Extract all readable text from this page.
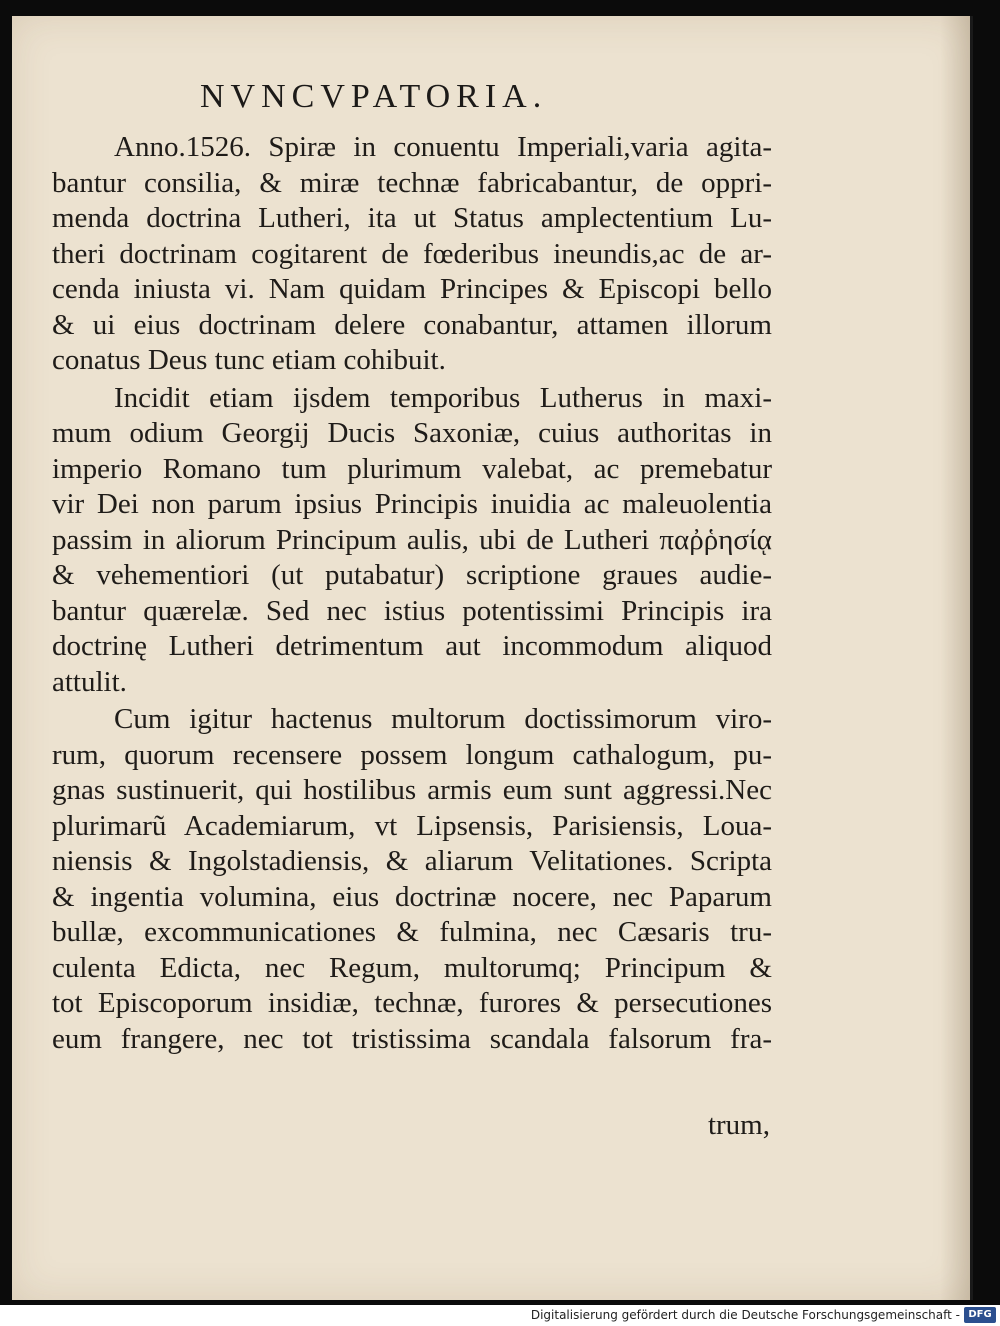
NVNCVPATORIA.
Anno.1526. Spiræ in conuentu Imperiali,varia agita-
bantur consilia, & miræ technæ fabricabantur, de oppri-
menda doctrina Lutheri, ita ut Status amplectentium Lu-
theri doctrinam cogitarent de fœderibus ineundis,ac de ar-
cenda iniusta vi. Nam quidam Principes & Episcopi bello
& ui eius doctrinam delere conabantur, attamen illorum
conatus Deus tunc etiam cohibuit.
Incidit etiam ijsdem temporibus Lutherus in maxi-
mum odium Georgij Ducis Saxoniæ, cuius authoritas in
imperio Romano tum plurimum valebat, ac premebatur
vir Dei non parum ipsius Principis inuidia ac maleuolentia
passim in aliorum Principum aulis, ubi de Lutheri παῤῥησίᾳ
& vehementiori (ut putabatur) scriptione graues audie-
bantur quærelæ. Sed nec istius potentissimi Principis ira
doctrinę Lutheri detrimentum aut incommodum aliquod
attulit.
Cum igitur hactenus multorum doctissimorum viro-
rum, quorum recensere possem longum cathalogum, pu-
gnas sustinuerit, qui hostilibus armis eum sunt aggressi.Nec
plurimarũ Academiarum, vt Lipsensis, Parisiensis, Loua-
niensis & Ingolstadiensis, & aliarum Velitationes. Scripta
& ingentia volumina, eius doctrinæ nocere, nec Paparum
bullæ, excommunicationes & fulmina, nec Cæsaris tru-
culenta Edicta, nec Regum, multorumq; Principum &
tot Episcoporum insidiæ, technæ, furores & persecutiones
eum frangere, nec tot tristissima scandala falsorum fra-
trum,
Digitalisierung gefördert durch die Deutsche Forschungsgemeinschaft - DFG
